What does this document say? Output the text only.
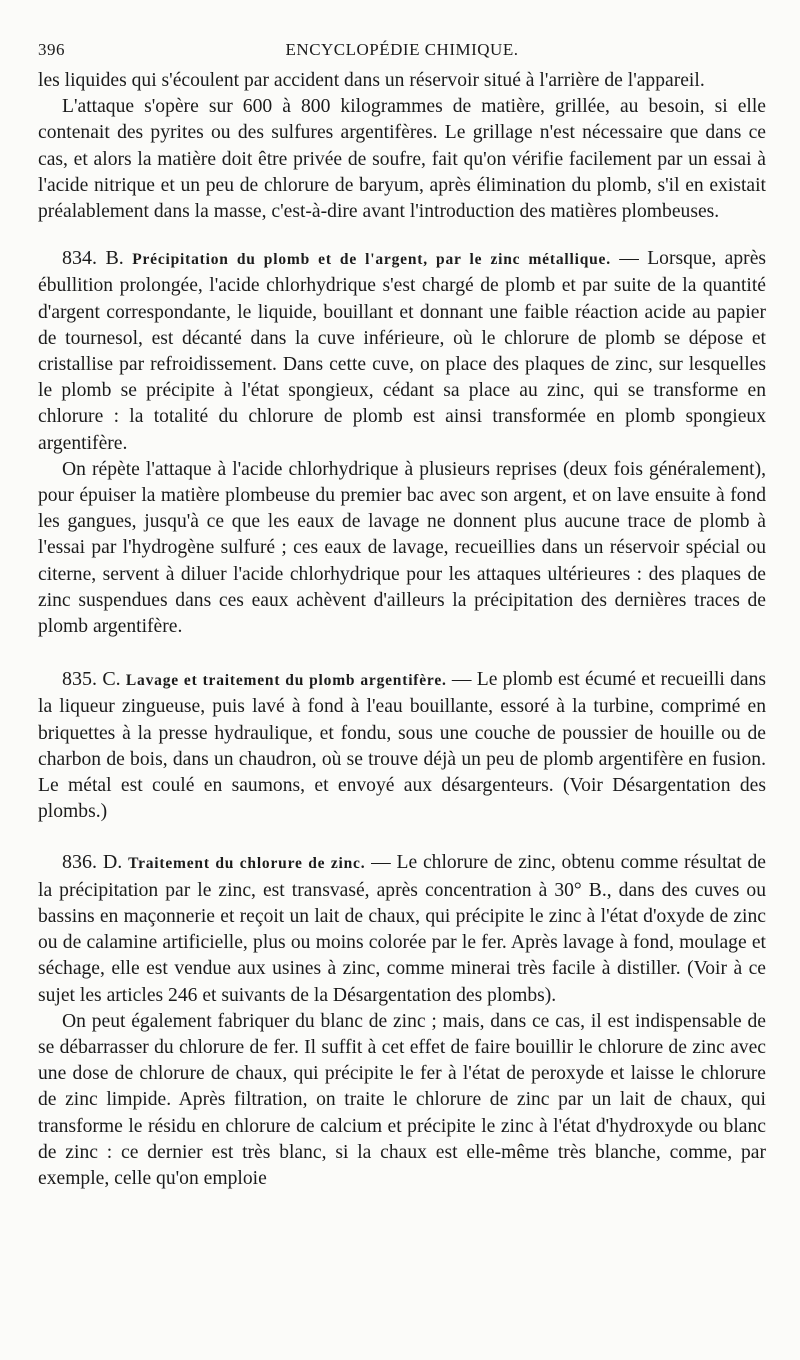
396	ENCYCLOPÉDIE CHIMIQUE.

les liquides qui s'écoulent par accident dans un réservoir situé à l'arrière de l'appareil.

L'attaque s'opère sur 600 à 800 kilogrammes de matière, grillée, au besoin, si elle contenait des pyrites ou des sulfures argentifères. Le grillage n'est nécessaire que dans ce cas, et alors la matière doit être privée de soufre, fait qu'on vérifie facilement par un essai à l'acide nitrique et un peu de chlorure de baryum, après élimination du plomb, s'il en existait préalablement dans la masse, c'est-à-dire avant l'introduction des matières plombeuses.

834. B. Précipitation du plomb et de l'argent, par le zinc métallique. — Lorsque, après ébullition prolongée, l'acide chlorhydrique s'est chargé de plomb et par suite de la quantité d'argent correspondante, le liquide, bouillant et donnant une faible réaction acide au papier de tournesol, est décanté dans la cuve inférieure, où le chlorure de plomb se dépose et cristallise par refroidissement. Dans cette cuve, on place des plaques de zinc, sur lesquelles le plomb se précipite à l'état spongieux, cédant sa place au zinc, qui se transforme en chlorure : la totalité du chlorure de plomb est ainsi transformée en plomb spongieux argentifère.

On répète l'attaque à l'acide chlorhydrique à plusieurs reprises (deux fois généralement), pour épuiser la matière plombeuse du premier bac avec son argent, et on lave ensuite à fond les gangues, jusqu'à ce que les eaux de lavage ne donnent plus aucune trace de plomb à l'essai par l'hydrogène sulfuré ; ces eaux de lavage, recueillies dans un réservoir spécial ou citerne, servent à diluer l'acide chlorhydrique pour les attaques ultérieures : des plaques de zinc suspendues dans ces eaux achèvent d'ailleurs la précipitation des dernières traces de plomb argentifère.

835. C. Lavage et traitement du plomb argentifère. — Le plomb est écumé et recueilli dans la liqueur zingueuse, puis lavé à fond à l'eau bouillante, essoré à la turbine, comprimé en briquettes à la presse hydraulique, et fondu, sous une couche de poussier de houille ou de charbon de bois, dans un chaudron, où se trouve déjà un peu de plomb argentifère en fusion. Le métal est coulé en saumons, et envoyé aux désargenteurs. (Voir Désargentation des plombs.)

836. D. Traitement du chlorure de zinc. — Le chlorure de zinc, obtenu comme résultat de la précipitation par le zinc, est transvasé, après concentration à 30° B., dans des cuves ou bassins en maçonnerie et reçoit un lait de chaux, qui précipite le zinc à l'état d'oxyde de zinc ou de calamine artificielle, plus ou moins colorée par le fer. Après lavage à fond, moulage et séchage, elle est vendue aux usines à zinc, comme minerai très facile à distiller. (Voir à ce sujet les articles 246 et suivants de la Désargentation des plombs).

On peut également fabriquer du blanc de zinc ; mais, dans ce cas, il est indispensable de se débarrasser du chlorure de fer. Il suffit à cet effet de faire bouillir le chlorure de zinc avec une dose de chlorure de chaux, qui précipite le fer à l'état de peroxyde et laisse le chlorure de zinc limpide. Après filtration, on traite le chlorure de zinc par un lait de chaux, qui transforme le résidu en chlorure de calcium et précipite le zinc à l'état d'hydroxyde ou blanc de zinc : ce dernier est très blanc, si la chaux est elle-même très blanche, comme, par exemple, celle qu'on emploie
